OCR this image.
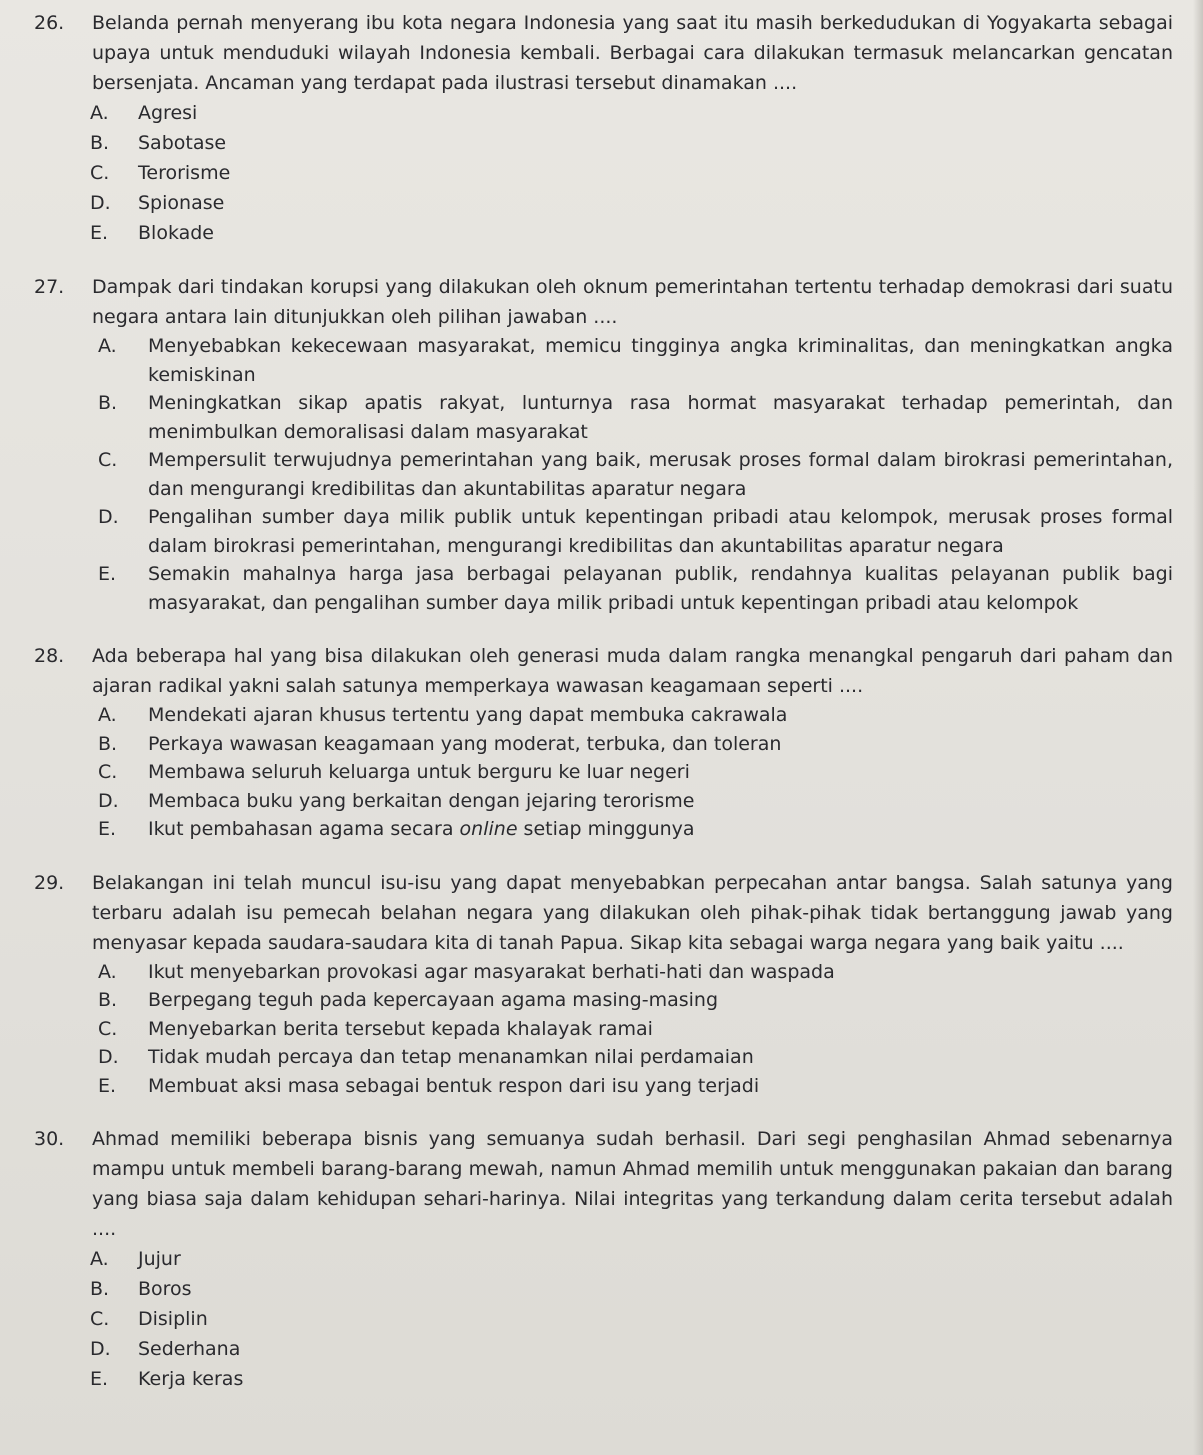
26.	Belanda pernah menyerang ibu kota negara Indonesia yang saat itu masih berkedudukan di Yogyakarta sebagai upaya untuk menduduki wilayah Indonesia kembali. Berbagai cara dilakukan termasuk melancarkan gencatan bersenjata. Ancaman yang terdapat pada ilustrasi tersebut dinamakan ....
A.	Agresi
B.	Sabotase
C.	Terorisme
D.	Spionase
E.	Blokade
27.	Dampak dari tindakan korupsi yang dilakukan oleh oknum pemerintahan tertentu terhadap demokrasi dari suatu negara antara lain ditunjukkan oleh pilihan jawaban ....
A.	Menyebabkan kekecewaan masyarakat, memicu tingginya angka kriminalitas, dan meningkatkan angka kemiskinan
B.	Meningkatkan sikap apatis rakyat, lunturnya rasa hormat masyarakat terhadap pemerintah, dan menimbulkan demoralisasi dalam masyarakat
C.	Mempersulit terwujudnya pemerintahan yang baik, merusak proses formal dalam birokrasi pemerintahan, dan mengurangi kredibilitas dan akuntabilitas aparatur negara
D.	Pengalihan sumber daya milik publik untuk kepentingan pribadi atau kelompok, merusak proses formal dalam birokrasi pemerintahan, mengurangi kredibilitas dan akuntabilitas aparatur negara
E.	Semakin mahalnya harga jasa berbagai pelayanan publik, rendahnya kualitas pelayanan publik bagi masyarakat, dan pengalihan sumber daya milik pribadi untuk kepentingan pribadi atau kelompok
28.	Ada beberapa hal yang bisa dilakukan oleh generasi muda dalam rangka menangkal pengaruh dari paham dan ajaran radikal yakni salah satunya memperkaya wawasan keagamaan seperti ....
A.	Mendekati ajaran khusus tertentu yang dapat membuka cakrawala
B.	Perkaya wawasan keagamaan yang moderat, terbuka, dan toleran
C.	Membawa seluruh keluarga untuk berguru ke luar negeri
D.	Membaca buku yang berkaitan dengan jejaring terorisme
E.	Ikut pembahasan agama secara online setiap minggunya
29.	Belakangan ini telah muncul isu-isu yang dapat menyebabkan perpecahan antar bangsa. Salah satunya yang terbaru adalah isu pemecah belahan negara yang dilakukan oleh pihak-pihak tidak bertanggung jawab yang menyasar kepada saudara-saudara kita di tanah Papua. Sikap kita sebagai warga negara yang baik yaitu ....
A.	Ikut menyebarkan provokasi agar masyarakat berhati-hati dan waspada
B.	Berpegang teguh pada kepercayaan agama masing-masing
C.	Menyebarkan berita tersebut kepada khalayak ramai
D.	Tidak mudah percaya dan tetap menanamkan nilai perdamaian
E.	Membuat aksi masa sebagai bentuk respon dari isu yang terjadi
30.	Ahmad memiliki beberapa bisnis yang semuanya sudah berhasil. Dari segi penghasilan Ahmad sebenarnya mampu untuk membeli barang-barang mewah, namun Ahmad memilih untuk menggunakan pakaian dan barang yang biasa saja dalam kehidupan sehari-harinya. Nilai integritas yang terkandung dalam cerita tersebut adalah ....
A.	Jujur
B.	Boros
C.	Disiplin
D.	Sederhana
E.	Kerja keras
